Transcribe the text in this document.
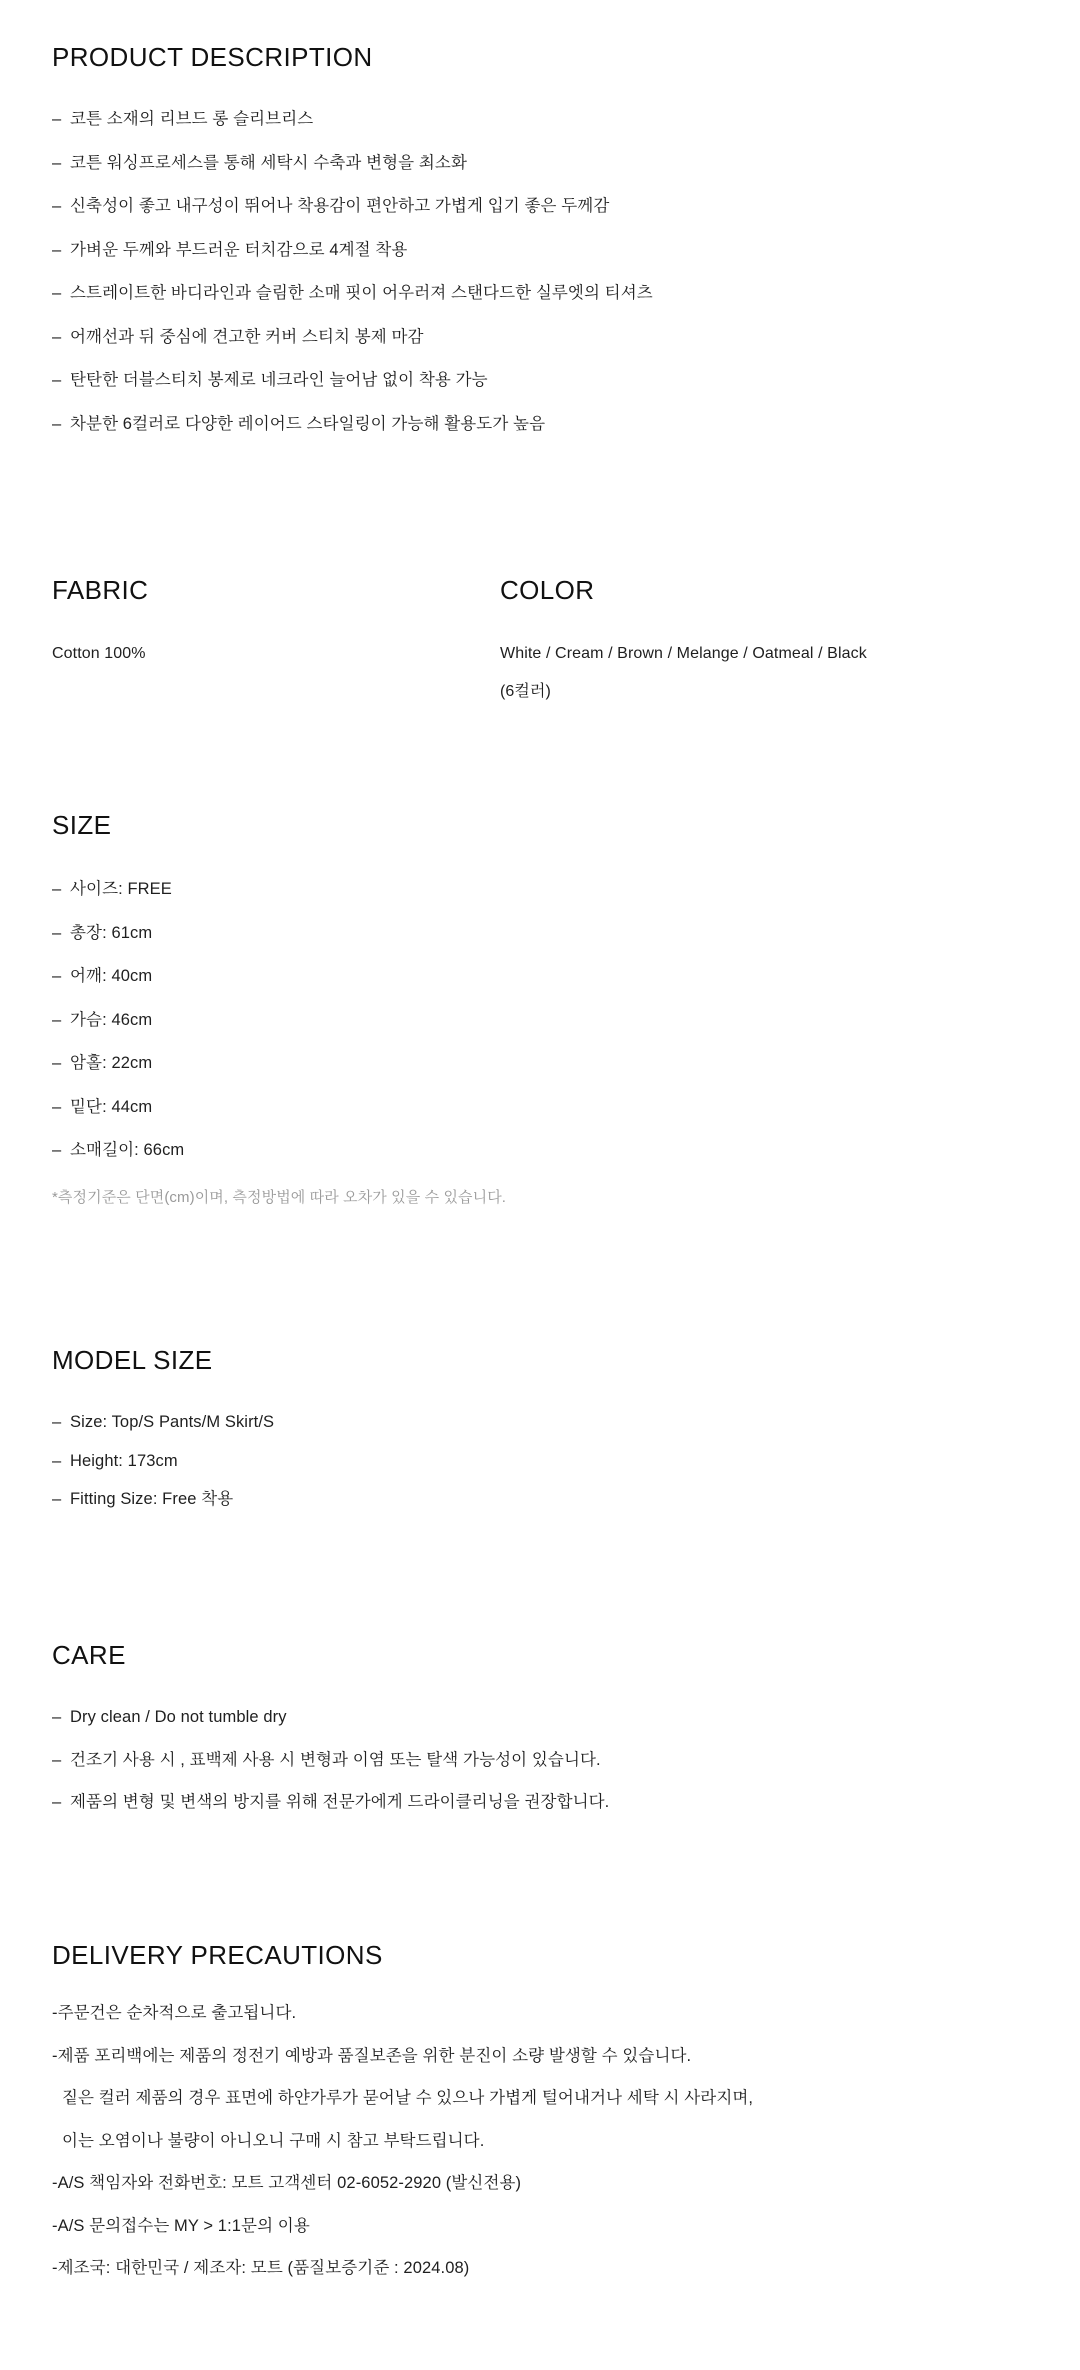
PRODUCT DESCRIPTION
– 코튼 소재의 리브드 롱 슬리브리스
– 코튼 워싱프로세스를 통해 세탁시 수축과 변형을 최소화
– 신축성이 좋고 내구성이 뛰어나 착용감이 편안하고 가볍게 입기 좋은 두께감
– 가벼운 두께와 부드러운 터치감으로 4계절 착용
– 스트레이트한 바디라인과 슬림한 소매 핏이 어우러져 스탠다드한 실루엣의 티셔츠
– 어깨선과 뒤 중심에 견고한 커버 스티치 봉제 마감
– 탄탄한 더블스티치 봉제로 네크라인 늘어남 없이 착용 가능
– 차분한 6컬러로 다양한 레이어드 스타일링이 가능해 활용도가 높음
FABRIC
Cotton 100%
COLOR
White / Cream / Brown / Melange / Oatmeal / Black
(6컬러)
SIZE
– 사이즈: FREE
– 총장: 61cm
– 어깨: 40cm
– 가슴: 46cm
– 암홀: 22cm
– 밑단: 44cm
– 소매길이: 66cm
*측정기준은 단면(cm)이며, 측정방법에 따라 오차가 있을 수 있습니다.
MODEL SIZE
– Size: Top/S Pants/M Skirt/S
– Height: 173cm
– Fitting Size: Free 착용
CARE
– Dry clean / Do not tumble dry
– 건조기 사용 시 , 표백제 사용 시 변형과 이염 또는 탈색 가능성이 있습니다.
– 제품의 변형 및 변색의 방지를 위해 전문가에게 드라이클리닝을 권장합니다.
DELIVERY PRECAUTIONS
-주문건은 순차적으로 출고됩니다.
-제품 포리백에는 제품의 정전기 예방과 품질보존을 위한 분진이 소량 발생할 수 있습니다.
짙은 컬러 제품의 경우 표면에 하얀가루가 묻어날 수 있으나 가볍게 털어내거나 세탁 시 사라지며,
이는 오염이나 불량이 아니오니 구매 시 참고 부탁드립니다.
-A/S 책임자와 전화번호: 모트 고객센터 02-6052-2920 (발신전용)
-A/S 문의접수는 MY > 1:1문의 이용
-제조국: 대한민국 / 제조자: 모트 (품질보증기준 : 2024.08)
